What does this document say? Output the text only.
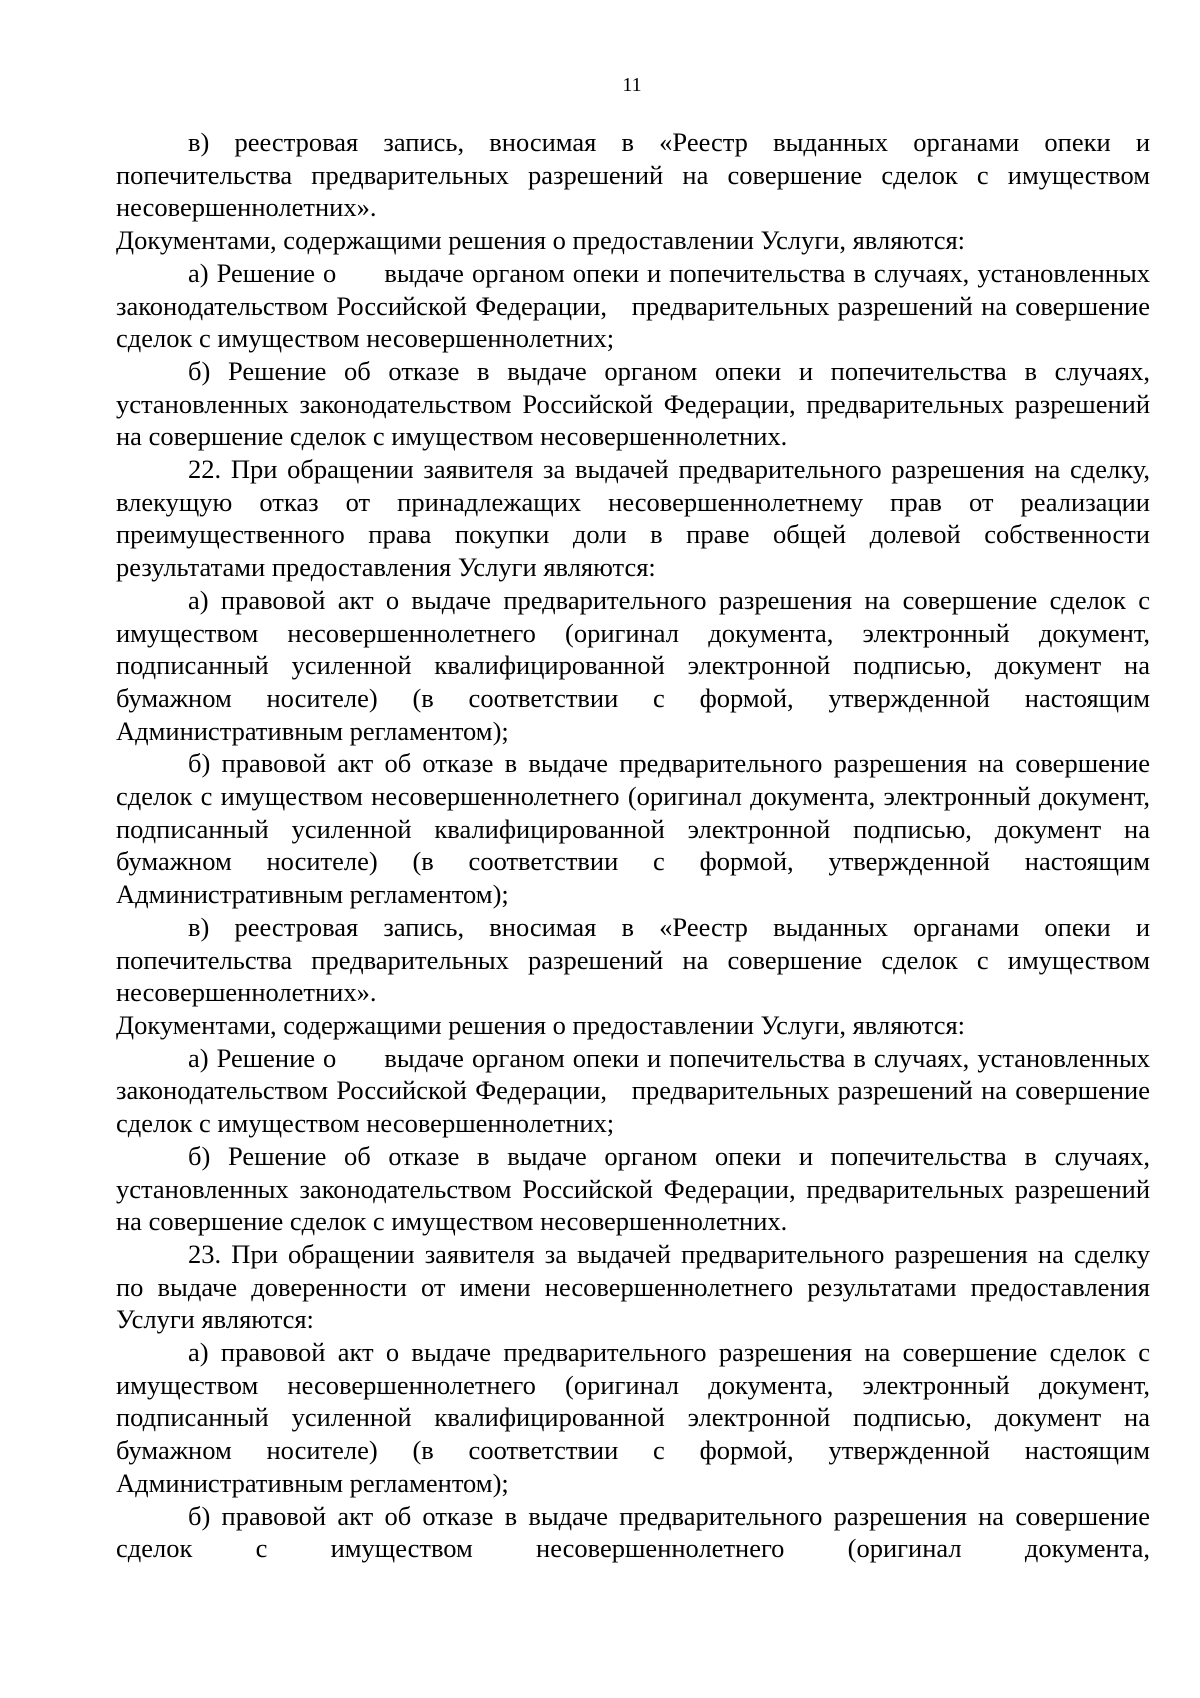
11

в) реестровая запись, вносимая в «Реестр выданных органами опеки и попечительства предварительных разрешений на совершение сделок с имуществом несовершеннолетних».

Документами, содержащими решения о предоставлении Услуги, являются:

а) Решение о      выдаче органом опеки и попечительства в случаях, установленных законодательством Российской Федерации,   предварительных разрешений на совершение сделок с имуществом несовершеннолетних;

б) Решение об отказе в выдаче органом опеки и попечительства в случаях, установленных законодательством Российской Федерации, предварительных разрешений на совершение сделок с имуществом несовершеннолетних.

22. При обращении заявителя за выдачей предварительного разрешения на сделку, влекущую отказ от принадлежащих несовершеннолетнему прав от реализации преимущественного права покупки доли в праве общей долевой собственности результатами предоставления Услуги являются:

а) правовой акт о выдаче предварительного разрешения на совершение сделок с имуществом несовершеннолетнего (оригинал документа, электронный документ, подписанный усиленной квалифицированной электронной подписью, документ на бумажном носителе) (в соответствии с формой, утвержденной настоящим Административным регламентом);

б) правовой акт об отказе в выдаче предварительного разрешения на совершение сделок с имуществом несовершеннолетнего (оригинал документа, электронный документ, подписанный усиленной квалифицированной электронной подписью, документ на бумажном носителе) (в соответствии с формой, утвержденной настоящим Административным регламентом);

в) реестровая запись, вносимая в «Реестр выданных органами опеки и попечительства предварительных разрешений на совершение сделок с имуществом несовершеннолетних».

Документами, содержащими решения о предоставлении Услуги, являются:

а) Решение о      выдаче органом опеки и попечительства в случаях, установленных законодательством Российской Федерации,   предварительных разрешений на совершение сделок с имуществом несовершеннолетних;

б) Решение об отказе в выдаче органом опеки и попечительства в случаях, установленных законодательством Российской Федерации, предварительных разрешений на совершение сделок с имуществом несовершеннолетних.

23. При обращении заявителя за выдачей предварительного разрешения на сделку по выдаче доверенности от имени несовершеннолетнего результатами предоставления Услуги являются:

а) правовой акт о выдаче предварительного разрешения на совершение сделок с имуществом несовершеннолетнего (оригинал документа, электронный документ, подписанный усиленной квалифицированной электронной подписью, документ на бумажном носителе) (в соответствии с формой, утвержденной настоящим Административным регламентом);

б) правовой акт об отказе в выдаче предварительного разрешения на совершение сделок с имуществом несовершеннолетнего (оригинал документа,
